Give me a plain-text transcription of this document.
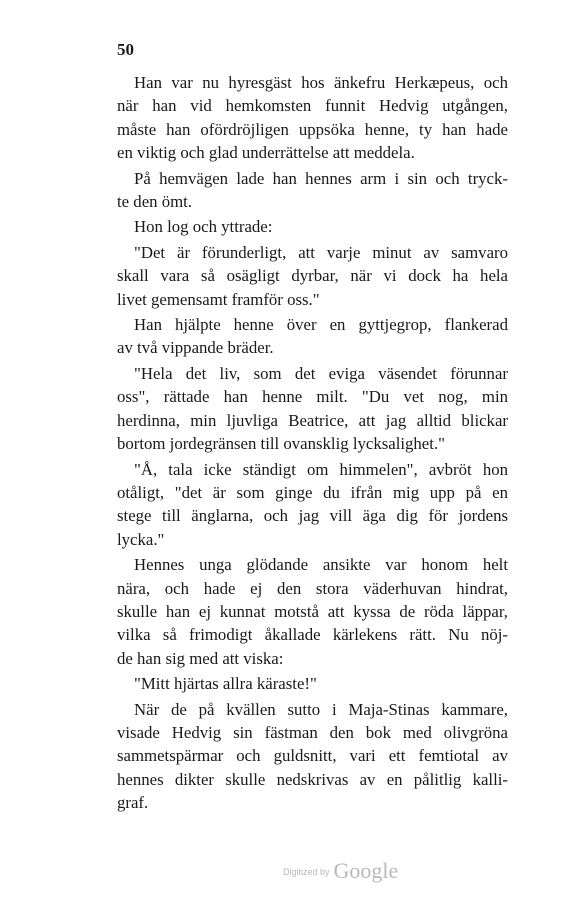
50

Han var nu hyresgäst hos änkefru Herkæpeus, och
när han vid hemkomsten funnit Hedvig utgången,
måste han ofördröjligen uppsöka henne, ty han hade
en viktig och glad underrättelse att meddela.

På hemvägen lade han hennes arm i sin och tryck-
te den ömt.

Hon log och yttrade:

"Det är förunderligt, att varje minut av samvaro
skall vara så osägligt dyrbar, när vi dock ha hela
livet gemensamt framför oss."

Han hjälpte henne över en gyttjegrop, flankerad
av två vippande bräder.

"Hela det liv, som det eviga väsendet förunnar
oss", rättade han henne milt. "Du vet nog, min
herdinna, min ljuvliga Beatrice, att jag alltid blickar
bortom jordegränsen till ovansklig lycksalighet."

"Å, tala icke ständigt om himmelen", avbröt hon
otåligt, "det är som ginge du ifrån mig upp på en
stege till änglarna, och jag vill äga dig för jordens
lycka."

Hennes unga glödande ansikte var honom helt
nära, och hade ej den stora väderhuvan hindrat,
skulle han ej kunnat motstå att kyssa de röda läppar,
vilka så frimodigt åkallade kärlekens rätt. Nu nöj-
de han sig med att viska:

"Mitt hjärtas allra käraste!"

När de på kvällen sutto i Maja-Stinas kammare,
visade Hedvig sin fästman den bok med olivgröna
sammetspärmar och guldsnitt, vari ett femtiotal av
hennes dikter skulle nedskrivas av en pålitlig kalli-
graf.

Digitized by Google
